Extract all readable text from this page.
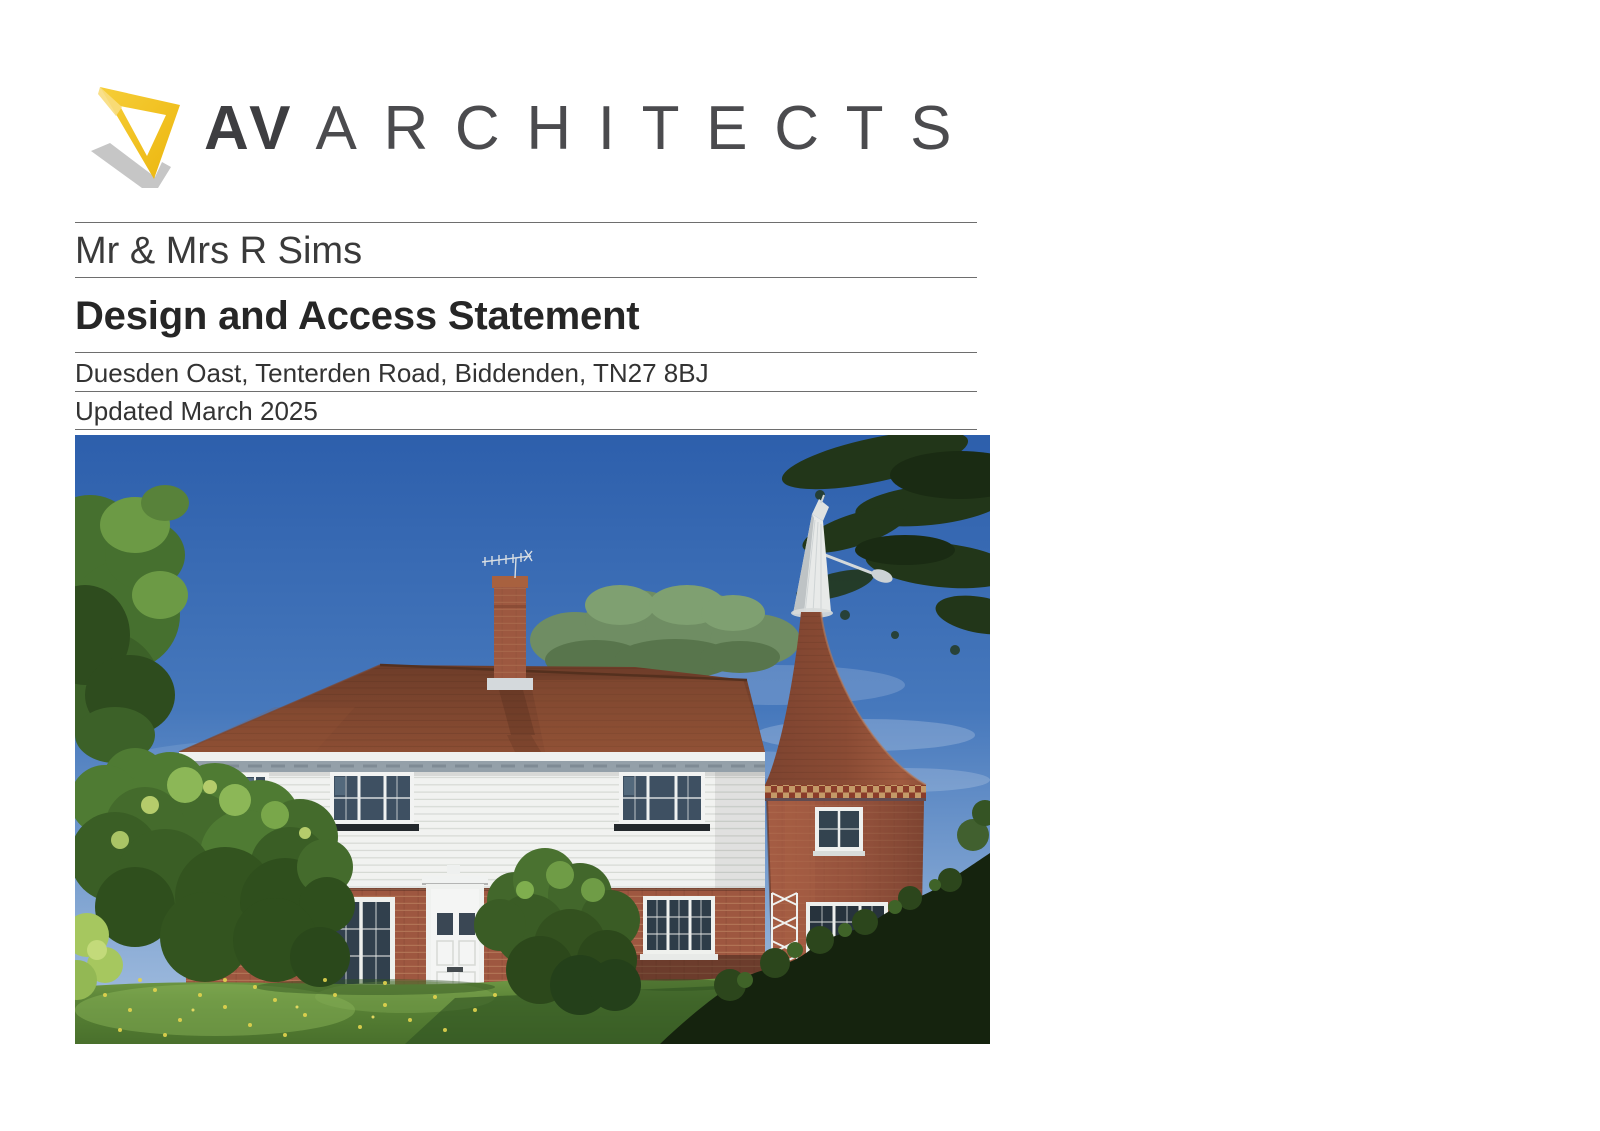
AV ARCHITECTS
Mr & Mrs R Sims
Design and Access Statement
Duesden Oast, Tenterden Road, Biddenden, TN27 8BJ
Updated March 2025
